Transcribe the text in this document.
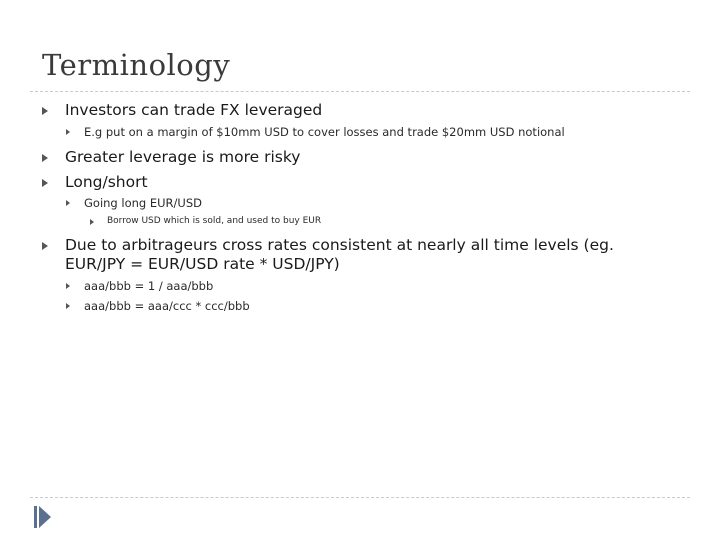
Terminology
Investors can trade FX leveraged
E.g put on a margin of $10mm USD to cover losses and trade $20mm USD notional
Greater leverage is more risky
Long/short
Going long EUR/USD
Borrow USD which is sold, and used to buy EUR
Due to arbitrageurs cross rates consistent at nearly all time levels (eg. EUR/JPY = EUR/USD rate * USD/JPY)
aaa/bbb = 1 / aaa/bbb
aaa/bbb = aaa/ccc * ccc/bbb
